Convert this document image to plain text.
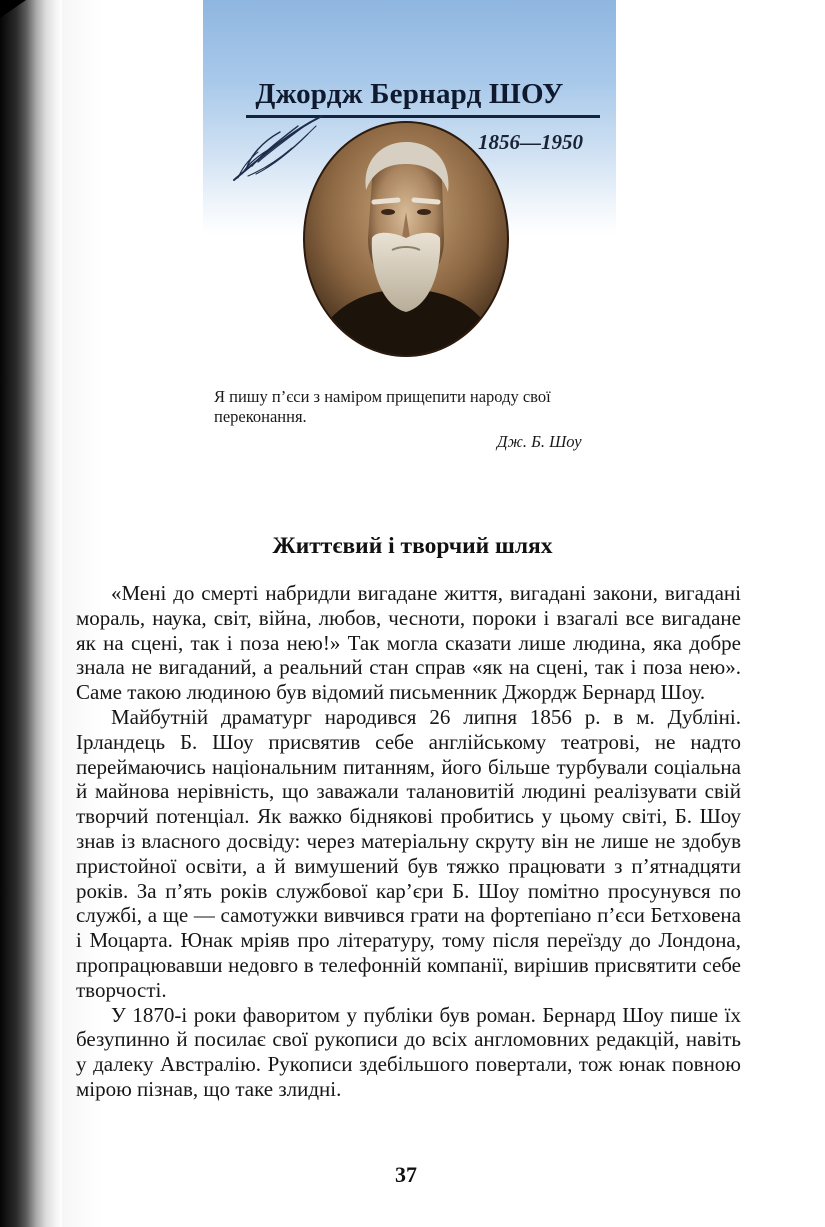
Джордж Бернард ШОУ
1856—1950
Я пишу п’єси з наміром прищепити народу свої переконання.
Дж. Б. Шоу
Життєвий і творчий шлях

«Мені до смерті набридли вигадане життя, вигадані закони, вигадані мораль, наука, світ, війна, любов, чесноти, пороки і взагалі все вигадане як на сцені, так і поза нею!» Так могла сказати лише людина, яка добре знала не вигаданий, а реальний стан справ «як на сцені, так і поза нею». Саме такою людиною був відомий письменник Джордж Бернард Шоу.

Майбутній драматург народився 26 липня 1856 р. в м. Дубліні. Ірландець Б. Шоу присвятив себе англійському театрові, не надто переймаючись національним питанням, його більше турбували соціальна й майнова нерівність, що заважали талановитій людині реалізувати свій творчий потенціал. Як важко біднякові пробитись у цьому світі, Б. Шоу знав із власного досвіду: через матеріальну скруту він не лише не здобув пристойної освіти, а й вимушений був тяжко працювати з п’ятнадцяти років. За п’ять років службової кар’єри Б. Шоу помітно просунувся по службі, а ще — самотужки вивчився грати на фортепіано п’єси Бетховена і Моцарта. Юнак мріяв про літературу, тому після переїзду до Лондона, пропрацювавши недовго в телефонній компанії, вирішив присвятити себе творчості.

У 1870-і роки фаворитом у публіки був роман. Бернард Шоу пише їх безупинно й посилає свої рукописи до всіх англомовних редакцій, навіть у далеку Австралію. Рукописи здебільшого повертали, тож юнак повною мірою пізнав, що таке злидні.

37
